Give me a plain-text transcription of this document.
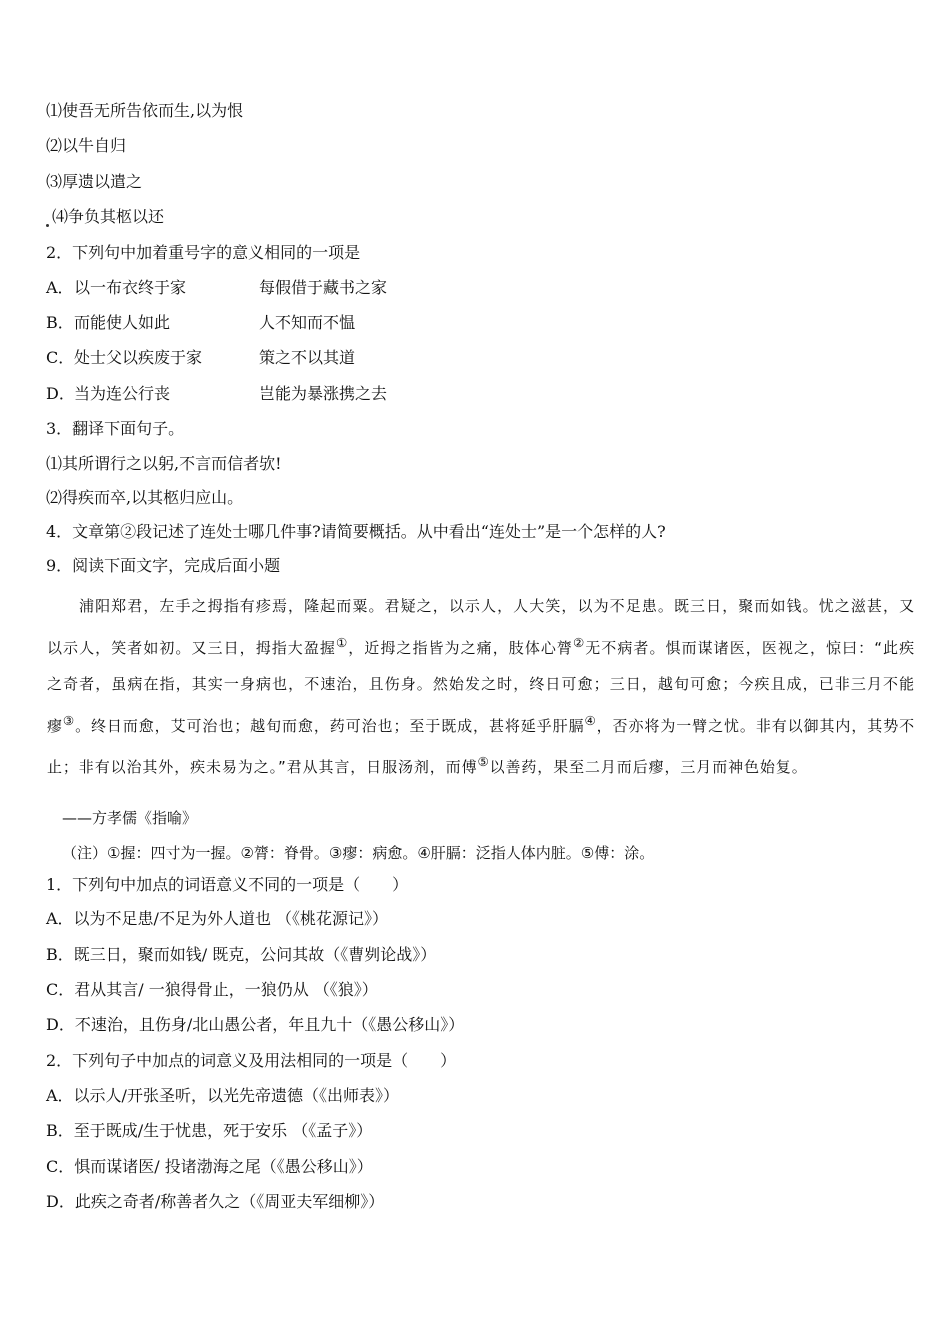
⑴使吾无所告依而生,以为恨
⑵以牛自归
⑶厚遗以遣之
⑷争负其柩以还
2．下列句中加着重号字的意义相同的一项是
A．以一布衣终于家	每假借于藏书之家
B．而能使人如此	人不知而不愠
C．处士父以疾废于家	策之不以其道
D．当为连公行丧	岂能为暴涨携之去
3．翻译下面句子。
⑴其所谓行之以躬,不言而信者欤!
⑵得疾而卒,以其柩归应山。
4．文章第②段记述了连处士哪几件事?请简要概括。从中看出“连处士”是一个怎样的人?
9．阅读下面文字，完成后面小题
浦阳郑君，左手之拇指有疹焉，隆起而粟。君疑之，以示人，人大笑，以为不足患。既三日，聚而如钱。忧之滋甚，又以示人，笑者如初。又三日，拇指大盈握①，近拇之指皆为之痛，肢体心膂②无不病者。惧而谋诸医，医视之，惊曰：“此疾之奇者，虽病在指，其实一身病也，不速治，且伤身。然始发之时，终日可愈；三日，越旬可愈；今疾且成，已非三月不能瘳③。终日而愈，艾可治也；越旬而愈，药可治也；至于既成，甚将延乎肝膈④，否亦将为一臂之忧。非有以御其内，其势不止；非有以治其外，疾未易为之。”君从其言，日服汤剂，而傅⑤以善药，果至二月而后瘳，三月而神色始复。
——方孝儒《指喻》
（注）①握：四寸为一握。②膂：脊骨。③瘳：病愈。④肝膈：泛指人体内脏。⑤傅：涂。
1．下列句中加点的词语意义不同的一项是（　　）
A．以为不足患/不足为外人道也 （《桃花源记》）
B．既三日，聚而如钱/ 既克，公问其故（《曹刿论战》）
C．君从其言/ 一狼得骨止，一狼仍从 （《狼》）
D．不速治，且伤身/北山愚公者，年且九十（《愚公移山》）
2．下列句子中加点的词意义及用法相同的一项是（　　）
A．以示人/开张圣听，以光先帝遗德（《出师表》）
B．至于既成/生于忧患，死于安乐 （《孟子》）
C．惧而谋诸医/ 投诸渤海之尾（《愚公移山》）
D．此疾之奇者/称善者久之（《周亚夫军细柳》）
